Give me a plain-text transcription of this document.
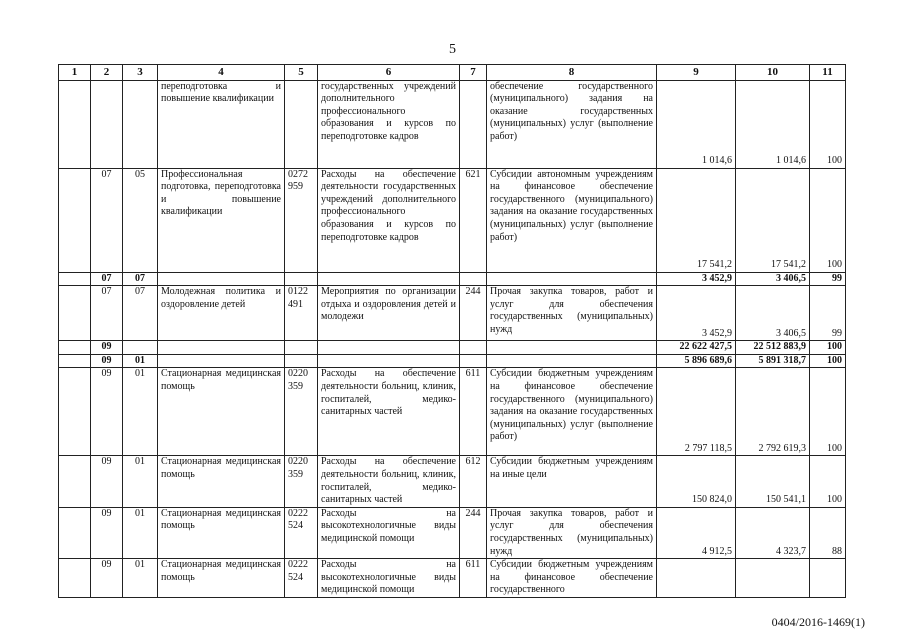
5
1	2	3	4	5	6	7	8	9	10	11
			переподготовка и повышение квалификации		государственных учреждений дополнительного профессионального образования и курсов по переподготовке кадров		обеспечение государственного (муниципального) задания на оказание государственных (муниципальных) услуг (выполнение работ)	1 014,6	1 014,6	100
	07	05	Профессиональная подготовка, переподготовка и повышение квалификации	0272 959	Расходы на обеспечение деятельности государственных учреждений дополнительного профессионального образования и курсов по переподготовке кадров	621	Субсидии автономным учреждениям на финансовое обеспечение государственного (муниципального) задания на оказание государственных (муниципальных) услуг (выполнение работ)	17 541,2	17 541,2	100
	07	07						3 452,9	3 406,5	99
	07	07	Молодежная политика и оздоровление детей	0122 491	Мероприятия по организации отдыха и оздоровления детей и молодежи	244	Прочая закупка товаров, работ и услуг для обеспечения государственных (муниципальных) нужд	3 452,9	3 406,5	99
	09							22 622 427,5	22 512 883,9	100
	09	01						5 896 689,6	5 891 318,7	100
	09	01	Стационарная медицинская помощь	0220 359	Расходы на обеспечение деятельности больниц, клиник, госпиталей, медико-санитарных частей	611	Субсидии бюджетным учреждениям на финансовое обеспечение государственного (муниципального) задания на оказание государственных (муниципальных) услуг (выполнение работ)	2 797 118,5	2 792 619,3	100
	09	01	Стационарная медицинская помощь	0220 359	Расходы на обеспечение деятельности больниц, клиник, госпиталей, медико-санитарных частей	612	Субсидии бюджетным учреждениям на иные цели	150 824,0	150 541,1	100
	09	01	Стационарная медицинская помощь	0222 524	Расходы на высокотехнологичные виды медицинской помощи	244	Прочая закупка товаров, работ и услуг для обеспечения государственных (муниципальных) нужд	4 912,5	4 323,7	88
	09	01	Стационарная медицинская помощь	0222 524	Расходы на высокотехнологичные виды медицинской помощи	611	Субсидии бюджетным учреждениям на финансовое обеспечение государственного			
0404/2016-1469(1)
